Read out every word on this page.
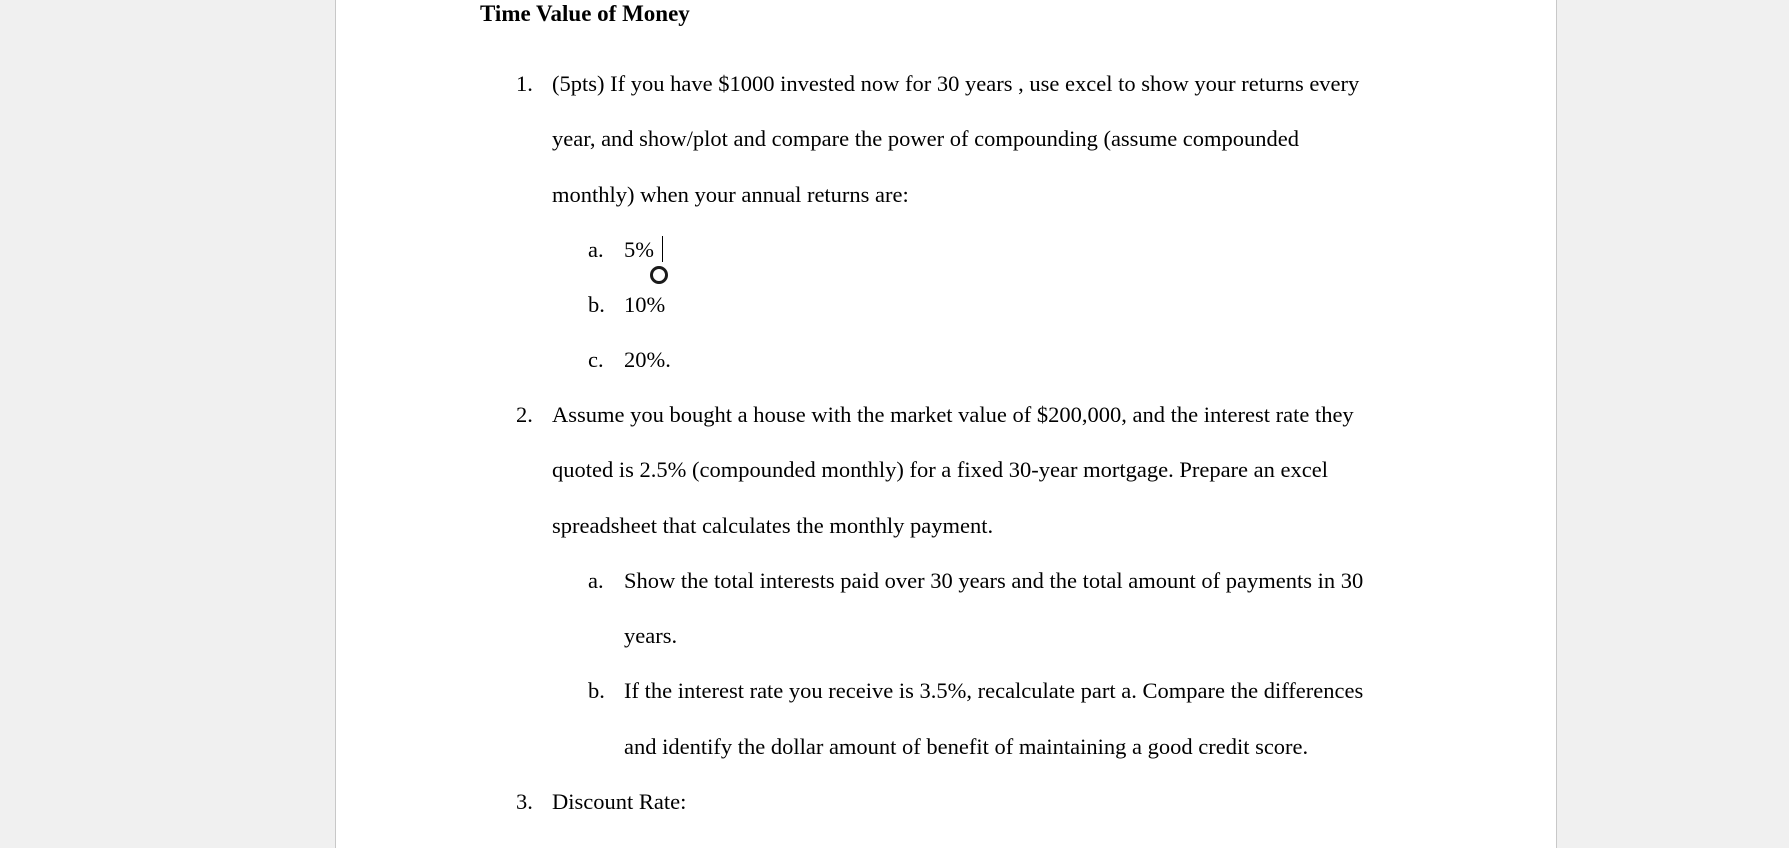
Time Value of Money
1. (5pts) If you have $1000 invested now for 30 years , use excel to show your returns every
year, and show/plot and compare the power of compounding (assume compounded
monthly) when your annual returns are:
a. 5%
b. 10%
c. 20%.
2. Assume you bought a house with the market value of $200,000, and the interest rate they
quoted is 2.5% (compounded monthly) for a fixed 30-year mortgage. Prepare an excel
spreadsheet that calculates the monthly payment.
a. Show the total interests paid over 30 years and the total amount of payments in 30
years.
b. If the interest rate you receive is 3.5%, recalculate part a. Compare the differences
and identify the dollar amount of benefit of maintaining a good credit score.
3. Discount Rate:
